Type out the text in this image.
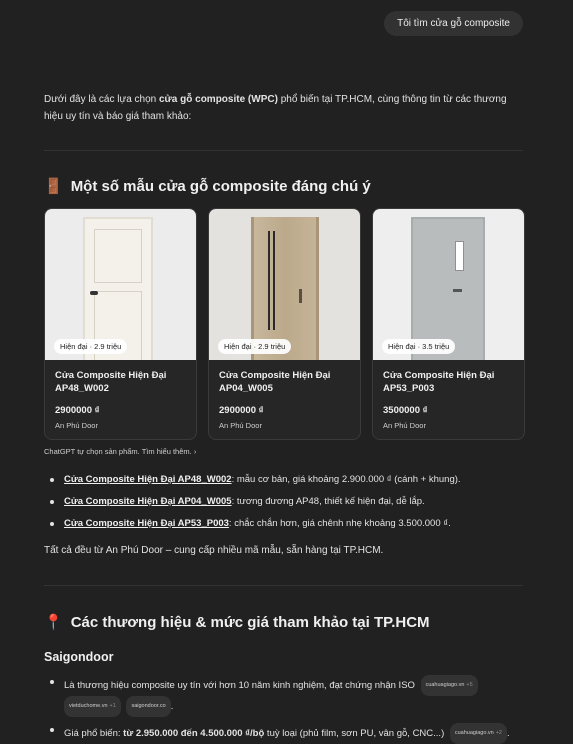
Tôi tìm cửa gỗ composite

Dưới đây là các lựa chọn cửa gỗ composite (WPC) phổ biến tại TP.HCM, cùng thông tin từ các thương hiệu uy tín và báo giá tham khảo:

🚪 Một số mẫu cửa gỗ composite đáng chú ý
Hiện đại · 2.9 triệu
Cửa Composite Hiện Đại AP48_W002
2900000 ₫
An Phú Door
Hiện đại · 2.9 triệu
Cửa Composite Hiện Đại AP04_W005
2900000 ₫
An Phú Door
Hiện đại · 3.5 triệu
Cửa Composite Hiện Đại AP53_P003
3500000 ₫
An Phú Door
ChatGPT tự chọn sản phẩm. Tìm hiểu thêm. ›
Cửa Composite Hiện Đại AP48_W002: mẫu cơ bản, giá khoảng 2.900.000 ₫ (cánh + khung).
Cửa Composite Hiện Đại AP04_W005: tương đương AP48, thiết kế hiện đại, dễ lắp.
Cửa Composite Hiện Đại AP53_P003: chắc chắn hơn, giá chênh nhẹ khoảng 3.500.000 ₫.

Tất cả đều từ An Phú Door – cung cấp nhiều mã mẫu, sẵn hàng tại TP.HCM.

📍 Các thương hiệu & mức giá tham khảo tại TP.HCM
Saigondoor
Là thương hiệu composite uy tín với hơn 10 năm kinh nghiệm, đạt chứng nhận ISO cuahuagiago.vn +5
vietduchome.vn +1	saigondoor.co .
Giá phổ biến: từ 2.950.000 đến 4.500.000 ₫/bộ tuỳ loại (phủ film, sơn PU, vân gỗ, CNC...) cuahuagiago.vn +2 .
